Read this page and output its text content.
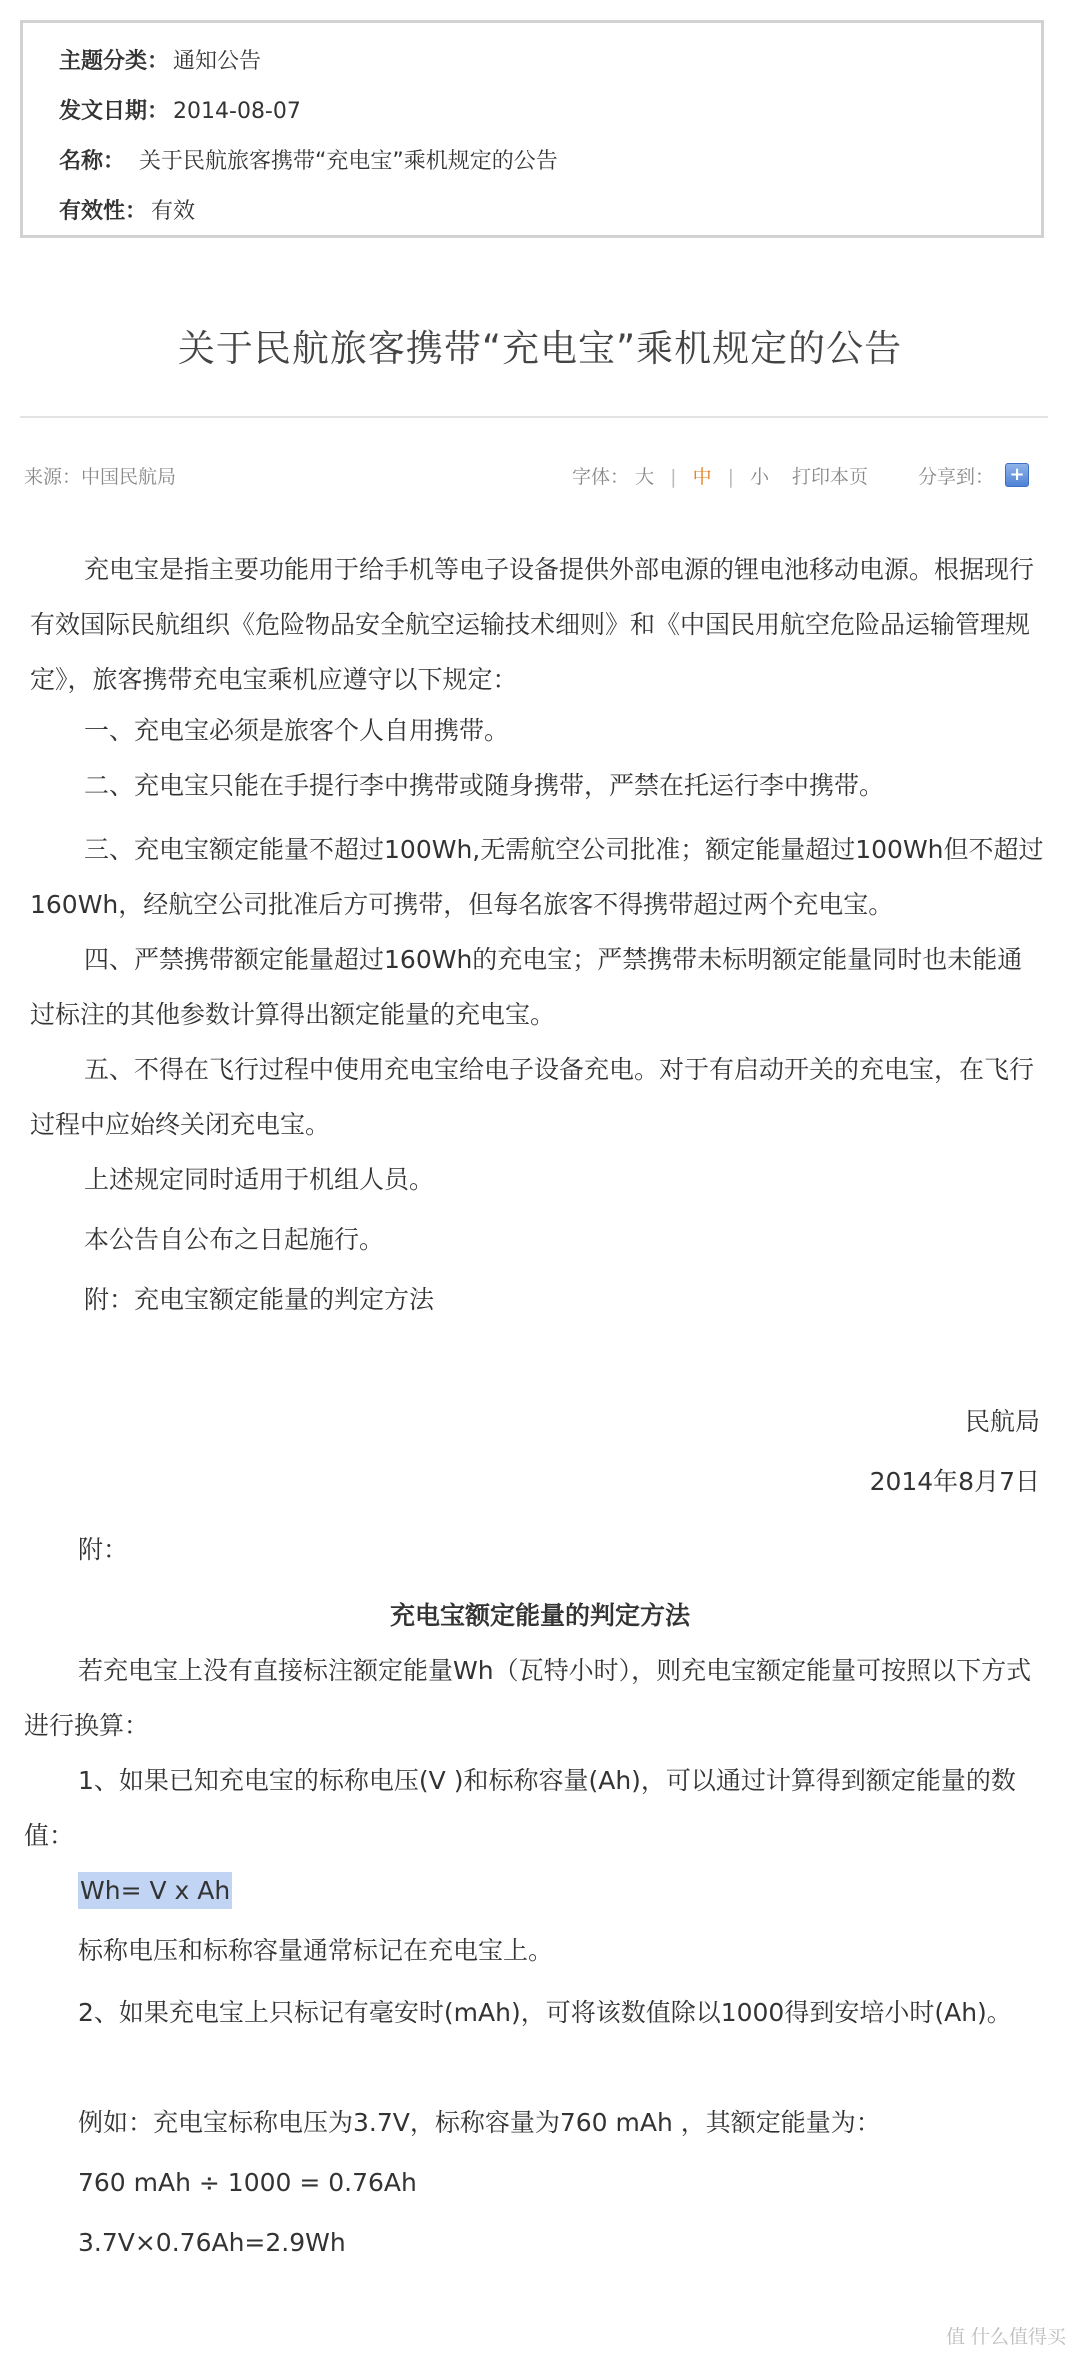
主题分类： 通知公告
发文日期： 2014-08-07
名称： 关于民航旅客携带“充电宝”乘机规定的公告
有效性： 有效
关于民航旅客携带“充电宝”乘机规定的公告
来源：中国民航局	字体： 大 | 中 | 小 打印本页	分享到： +
充电宝是指主要功能用于给手机等电子设备提供外部电源的锂电池移动电源。根据现行有效国际民航组织《危险物品安全航空运输技术细则》和《中国民用航空危险品运输管理规定》，旅客携带充电宝乘机应遵守以下规定：
一、充电宝必须是旅客个人自用携带。
二、充电宝只能在手提行李中携带或随身携带，严禁在托运行李中携带。
三、充电宝额定能量不超过100Wh,无需航空公司批准；额定能量超过100Wh但不超过160Wh，经航空公司批准后方可携带，但每名旅客不得携带超过两个充电宝。
四、严禁携带额定能量超过160Wh的充电宝；严禁携带未标明额定能量同时也未能通过标注的其他参数计算得出额定能量的充电宝。
五、不得在飞行过程中使用充电宝给电子设备充电。对于有启动开关的充电宝，在飞行过程中应始终关闭充电宝。
上述规定同时适用于机组人员。
本公告自公布之日起施行。
附：充电宝额定能量的判定方法
民航局
2014年8月7日
附：
充电宝额定能量的判定方法
若充电宝上没有直接标注额定能量Wh（瓦特小时），则充电宝额定能量可按照以下方式进行换算：
1、如果已知充电宝的标称电压(V )和标称容量(Ah)，可以通过计算得到额定能量的数值：
Wh= V x Ah
标称电压和标称容量通常标记在充电宝上。
2、如果充电宝上只标记有毫安时(mAh)，可将该数值除以1000得到安培小时(Ah)。
例如：充电宝标称电压为3.7V，标称容量为760 mAh ，其额定能量为：
760 mAh ÷ 1000 = 0.76Ah
3.7V×0.76Ah=2.9Wh
值 什么值得买
